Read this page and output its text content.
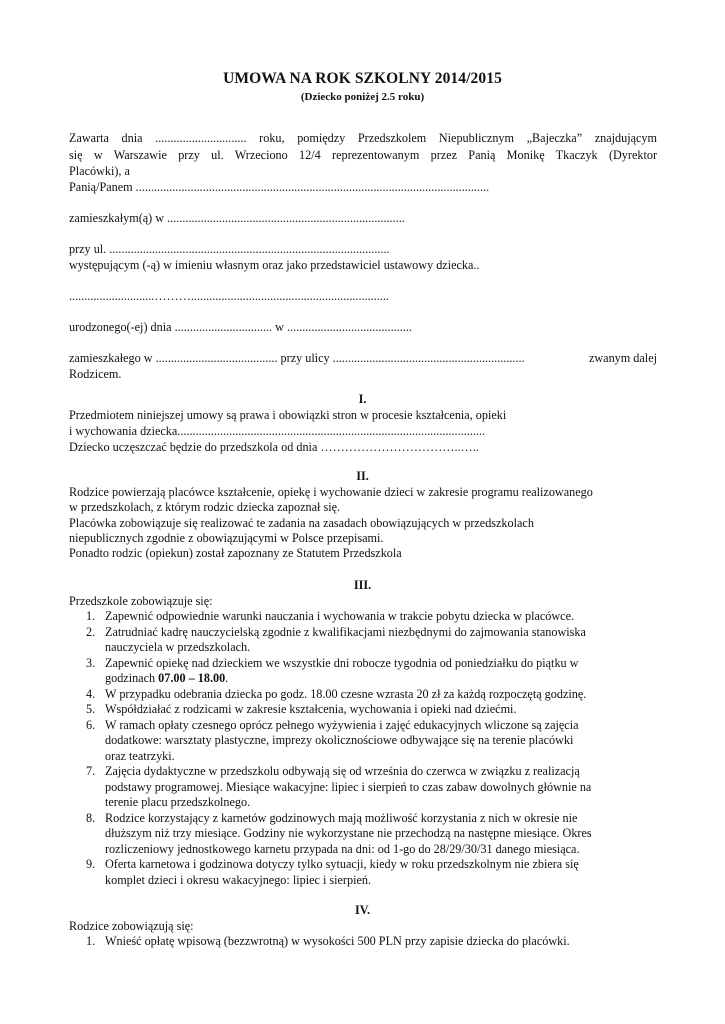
UMOWA NA ROK SZKOLNY 2014/2015
(Dziecko poniżej 2.5 roku)
Zawarta dnia .............................. roku, pomiędzy Przedszkolem Niepublicznym „Bajeczka” znajdującym
się w Warszawie przy ul. Wrzeciono 12/4 reprezentowanym przez Panią Monikę Tkaczyk (Dyrektor
Placówki), a
Panią/Panem ....................................................................................................................
zamieszkałym(ą) w ..............................................................................
przy ul. ............................................................................................
występującym (-ą) w imieniu własnym oraz jako przedstawiciel ustawowy dziecka..
............................……….................................................................
urodzonego(-ej) dnia ................................ w .........................................
zamieszkałego w ........................................ przy ulicy ...............................................................	zwanym dalej
Rodzicem.
I.
Przedmiotem niniejszej umowy są prawa i obowiązki stron w procesie kształcenia, opieki
i wychowania dziecka.....................................................................................................
Dziecko uczęszczać będzie do przedszkola od dnia ……………………………..…..
II.
Rodzice powierzają placówce kształcenie, opiekę i wychowanie dzieci w zakresie programu realizowanego
w przedszkolach, z którym rodzic dziecka zapoznał się.
Placówka zobowiązuje się realizować te zadania na zasadach obowiązujących w przedszkolach
niepublicznych zgodnie z obowiązującymi w Polsce przepisami.
Ponadto rodzic (opiekun) został zapoznany ze Statutem Przedszkola
III.
Przedszkole zobowiązuje się:
1. Zapewnić odpowiednie warunki nauczania i wychowania w trakcie pobytu dziecka w placówce.
2. Zatrudniać kadrę nauczycielską zgodnie z kwalifikacjami niezbędnymi do zajmowania stanowiska
nauczyciela w przedszkolach.
3. Zapewnić opiekę nad dzieckiem we wszystkie dni robocze tygodnia od poniedziałku do piątku w
godzinach 07.00 – 18.00.
4. W przypadku odebrania dziecka po godz. 18.00 czesne wzrasta 20 zł za każdą rozpoczętą godzinę.
5. Współdziałać z rodzicami w zakresie kształcenia, wychowania i opieki nad dziećmi.
6. W ramach opłaty czesnego oprócz pełnego wyżywienia i zajęć edukacyjnych wliczone są zajęcia
dodatkowe: warsztaty plastyczne, imprezy okolicznościowe odbywające się na terenie placówki
oraz teatrzyki.
7. Zajęcia dydaktyczne w przedszkolu odbywają się od września do czerwca w związku z realizacją
podstawy programowej. Miesiące wakacyjne: lipiec i sierpień to czas zabaw dowolnych głównie na
terenie placu przedszkolnego.
8. Rodzice korzystający z karnetów godzinowych mają możliwość korzystania z nich w okresie nie
dłuższym niż trzy miesiące. Godziny nie wykorzystane nie przechodzą na następne miesiące. Okres
rozliczeniowy jednostkowego karnetu przypada na dni: od 1-go do 28/29/30/31 danego miesiąca.
9. Oferta karnetowa i godzinowa dotyczy tylko sytuacji, kiedy w roku przedszkolnym nie zbiera się
komplet dzieci i okresu wakacyjnego: lipiec i sierpień.
IV.
Rodzice zobowiązują się:
1. Wnieść opłatę wpisową (bezzwrotną) w wysokości 500 PLN przy zapisie dziecka do placówki.
